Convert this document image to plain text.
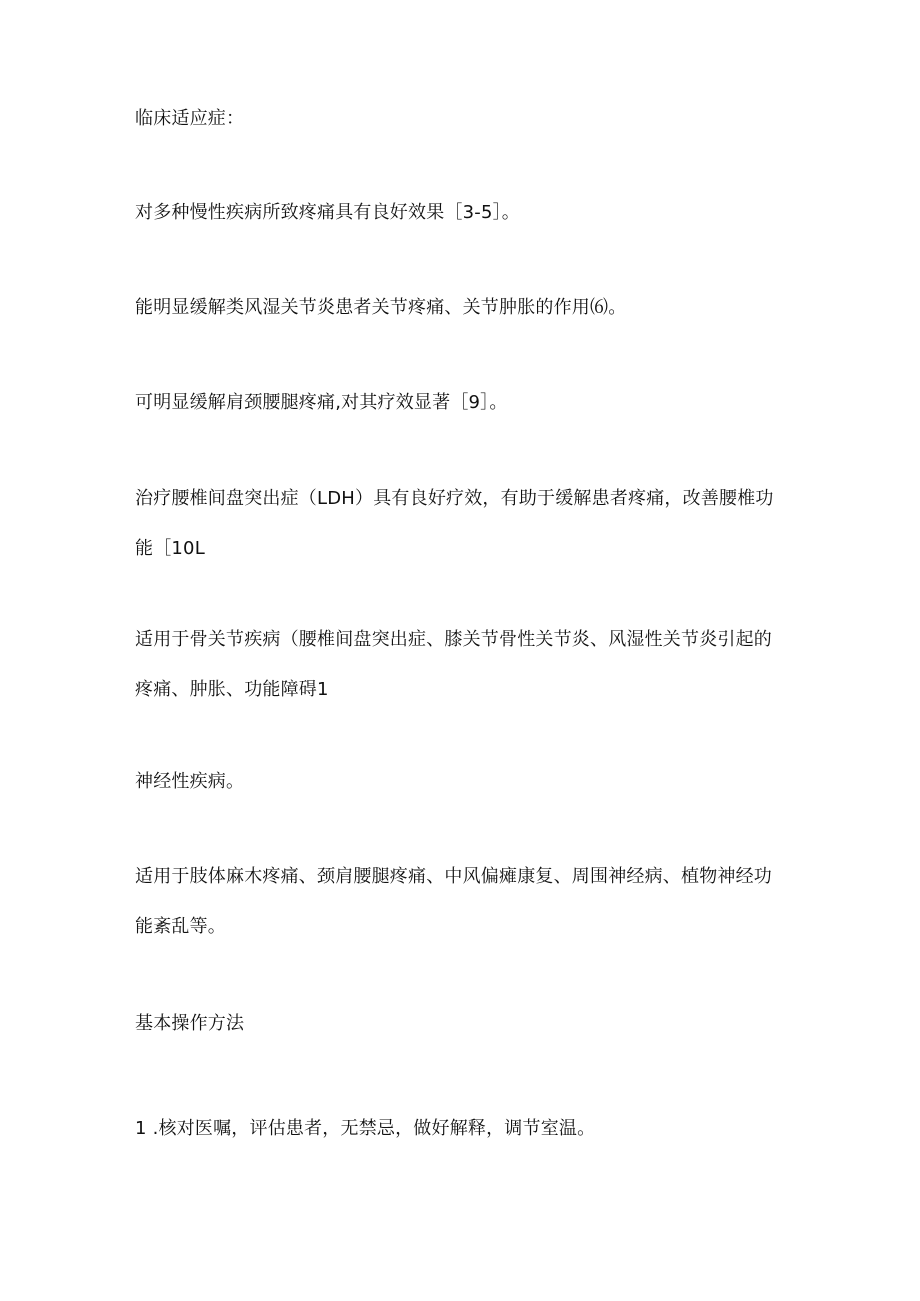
临床适应症：

对多种慢性疾病所致疼痛具有良好效果［3-5］。

能明显缓解类风湿关节炎患者关节疼痛、关节肿胀的作用⑹。

可明显缓解肩颈腰腿疼痛,对其疗效显著［9］。

治疗腰椎间盘突出症（LDH）具有良好疗效，有助于缓解患者疼痛，改善腰椎功能［10L

适用于骨关节疾病（腰椎间盘突出症、膝关节骨性关节炎、风湿性关节炎引起的疼痛、肿胀、功能障碍1

神经性疾病。

适用于肢体麻木疼痛、颈肩腰腿疼痛、中风偏瘫康复、周围神经病、植物神经功能紊乱等。

基本操作方法

1 .核对医嘱，评估患者，无禁忌，做好解释，调节室温。
